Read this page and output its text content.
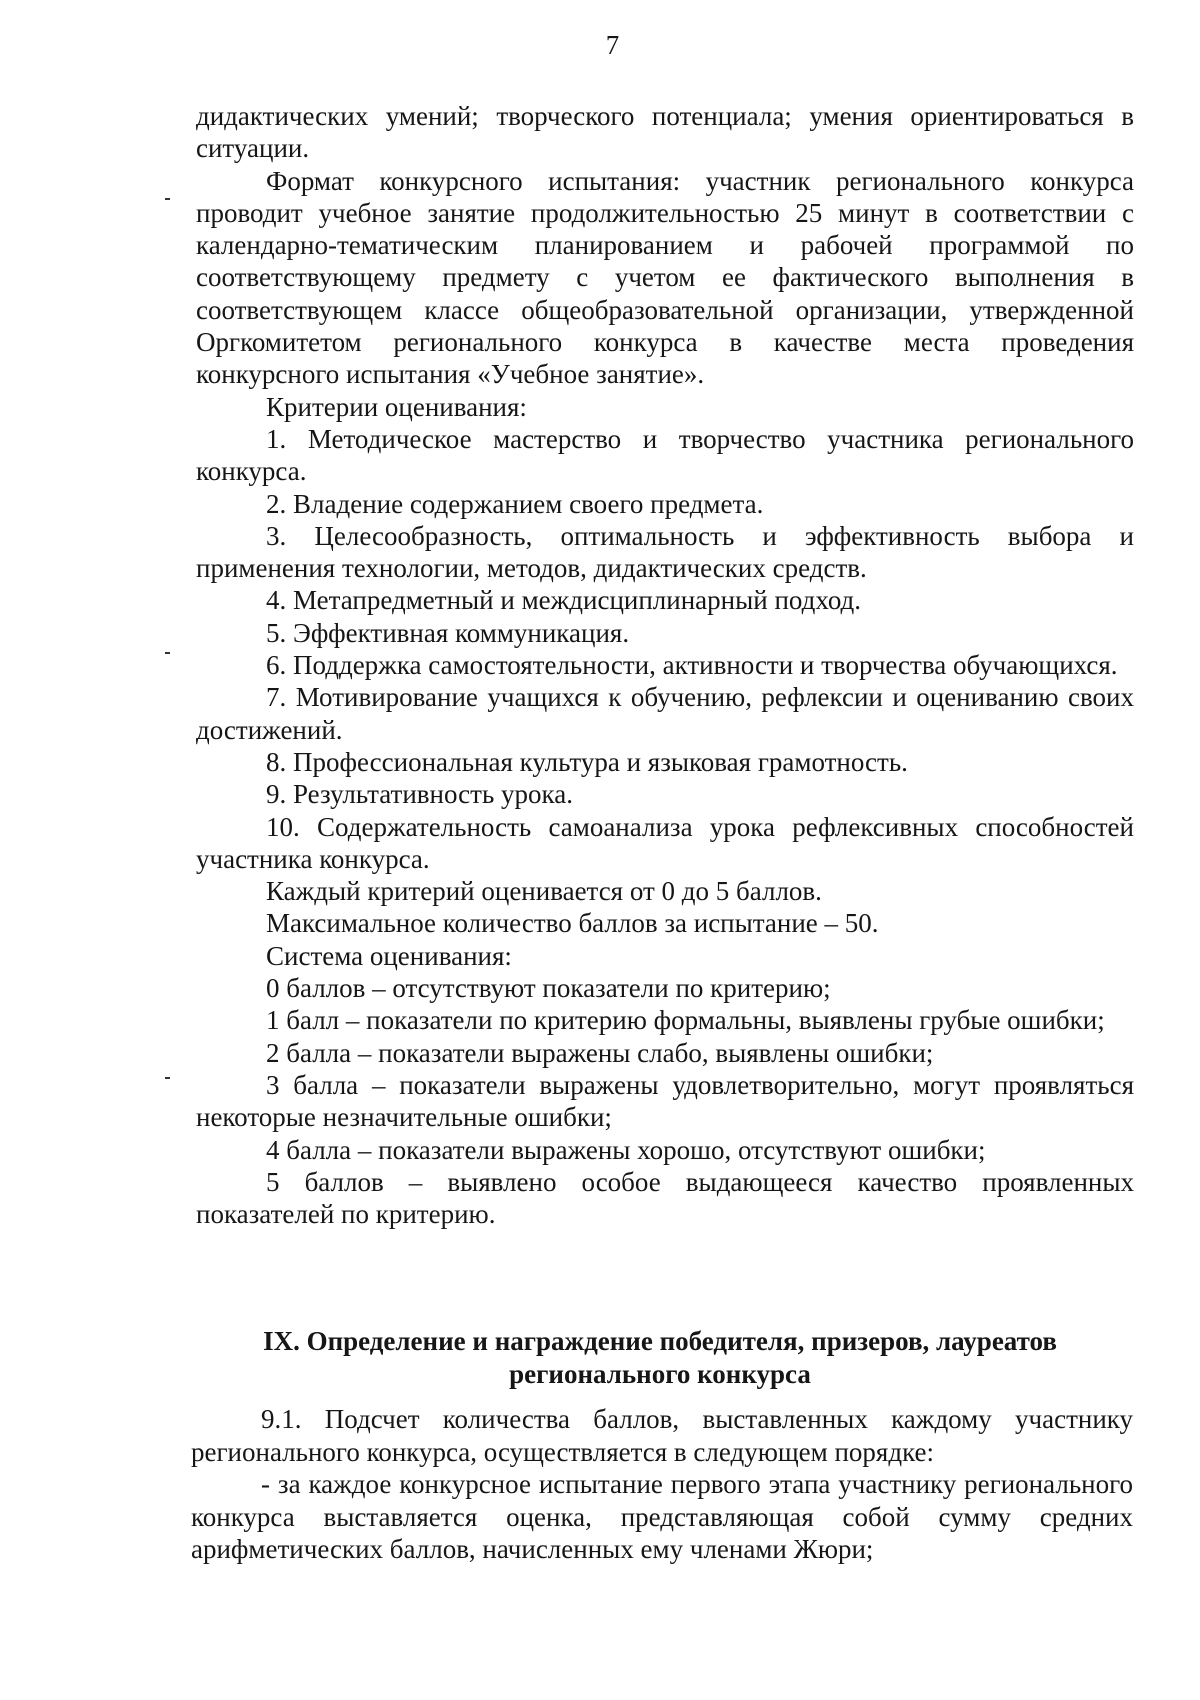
7

дидактических умений; творческого потенциала; умения ориентироваться в ситуации.

Формат конкурсного испытания: участник регионального конкурса проводит учебное занятие продолжительностью 25 минут в соответствии с календарно-тематическим планированием и рабочей программой по соответствующему предмету с учетом ее фактического выполнения в соответствующем классе общеобразовательной организации, утвержденной Оргкомитетом регионального конкурса в качестве места проведения конкурсного испытания «Учебное занятие».

Критерии оценивания:

1. Методическое мастерство и творчество участника регионального конкурса.

2. Владение содержанием своего предмета.

3. Целесообразность, оптимальность и эффективность выбора и применения технологии, методов, дидактических средств.

4. Метапредметный и междисциплинарный подход.

5. Эффективная коммуникация.

6. Поддержка самостоятельности, активности и творчества обучающихся.

7. Мотивирование учащихся к обучению, рефлексии и оцениванию своих достижений.

8. Профессиональная культура и языковая грамотность.

9. Результативность урока.

10. Содержательность самоанализа урока рефлексивных способностей участника конкурса.

Каждый критерий оценивается от 0 до 5 баллов.

Максимальное количество баллов за испытание – 50.

Система оценивания:

0 баллов – отсутствуют показатели по критерию;

1 балл – показатели по критерию формальны, выявлены грубые ошибки;

2 балла – показатели выражены слабо, выявлены ошибки;

3 балла – показатели выражены удовлетворительно, могут проявляться некоторые незначительные ошибки;

4 балла – показатели выражены хорошо, отсутствуют ошибки;

5 баллов – выявлено особое выдающееся качество проявленных показателей по критерию.

IX. Определение и награждение победителя, призеров, лауреатов

регионального конкурса

9.1. Подсчет количества баллов, выставленных каждому участнику регионального конкурса, осуществляется в следующем порядке:

- за каждое конкурсное испытание первого этапа участнику регионального конкурса выставляется оценка, представляющая собой сумму средних арифметических баллов, начисленных ему членами Жюри;
